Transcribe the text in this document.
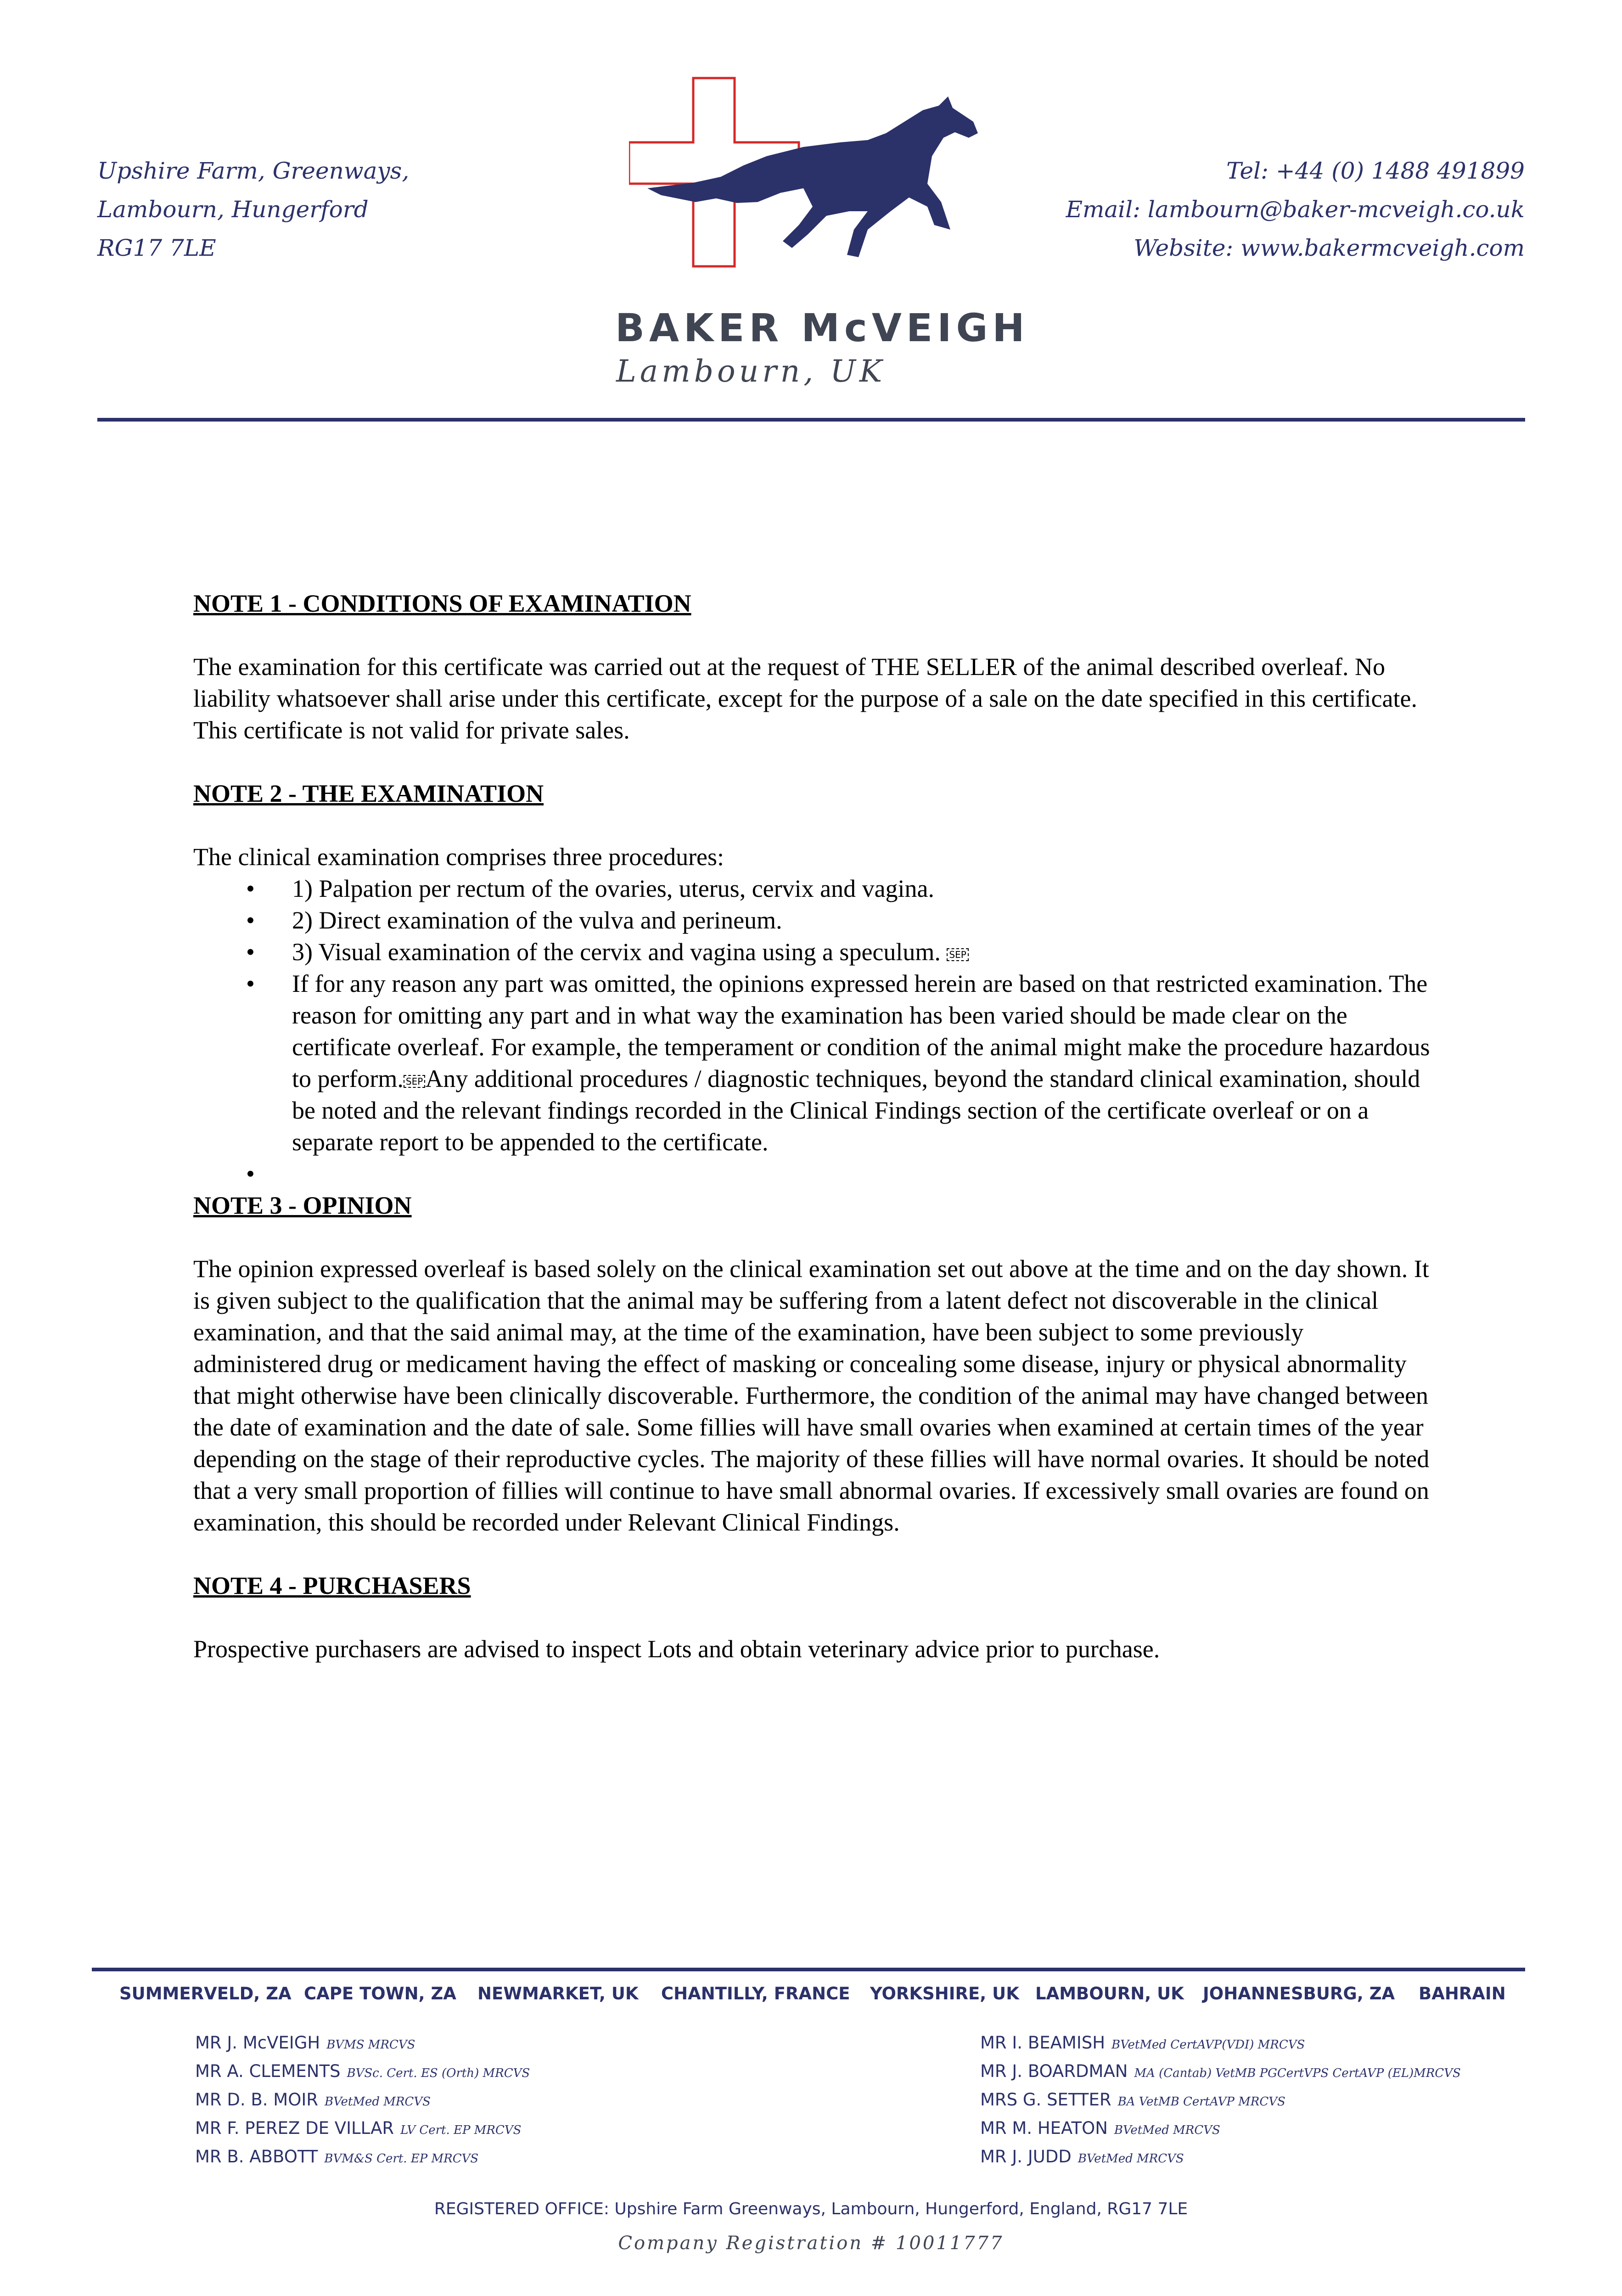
Upshire Farm, Greenways,
Lambourn, Hungerford
RG17 7LE
BAKER McVEIGH
Lambourn, UK
Tel: +44 (0) 1488 491899
Email: lambourn@baker-mcveigh.co.uk
Website: www.bakermcveigh.com
NOTE 1 - CONDITIONS OF EXAMINATION

The examination for this certificate was carried out at the request of THE SELLER of the animal described overleaf. No liability whatsoever shall arise under this certificate, except for the purpose of a sale on the date specified in this certificate. This certificate is not valid for private sales.

NOTE 2 - THE EXAMINATION

The clinical examination comprises three procedures:

• 1) Palpation per rectum of the ovaries, uterus, cervix and vagina.
• 2) Direct examination of the vulva and perineum.
• 3) Visual examination of the cervix and vagina using a speculum. SEP
• If for any reason any part was omitted, the opinions expressed herein are based on that restricted examination. The reason for omitting any part and in what way the examination has been varied should be made clear on the certificate overleaf. For example, the temperament or condition of the animal might make the procedure hazardous to perform. SEPAny additional procedures / diagnostic techniques, beyond the standard clinical examination, should be noted and the relevant findings recorded in the Clinical Findings section of the certificate overleaf or on a separate report to be appended to the certificate.
•
NOTE 3 - OPINION

The opinion expressed overleaf is based solely on the clinical examination set out above at the time and on the day shown. It is given subject to the qualification that the animal may be suffering from a latent defect not discoverable in the clinical examination, and that the said animal may, at the time of the examination, have been subject to some previously administered drug or medicament having the effect of masking or concealing some disease, injury or physical abnormality that might otherwise have been clinically discoverable. Furthermore, the condition of the animal may have changed between the date of examination and the date of sale. Some fillies will have small ovaries when examined at certain times of the year depending on the stage of their reproductive cycles. The majority of these fillies will have normal ovaries. It should be noted that a very small proportion of fillies will continue to have small abnormal ovaries. If excessively small ovaries are found on examination, this should be recorded under Relevant Clinical Findings.

NOTE 4 - PURCHASERS

Prospective purchasers are advised to inspect Lots and obtain veterinary advice prior to purchase.

SUMMERVELD, ZA CAPE TOWN, ZA NEWMARKET, UK CHANTILLY, FRANCE YORKSHIRE, UK LAMBOURN, UK JOHANNESBURG, ZA BAHRAIN
MR J. McVEIGH BVMS MRCVS
MR A. CLEMENTS BVSc. Cert. ES (Orth) MRCVS
MR D. B. MOIR BVetMed MRCVS
MR F. PEREZ DE VILLAR LV Cert. EP MRCVS
MR B. ABBOTT BVM&S Cert. EP MRCVS
MR I. BEAMISH BVetMed CertAVP(VDI) MRCVS
MR J. BOARDMAN MA (Cantab) VetMB PGCertVPS CertAVP (EL)MRCVS
MRS G. SETTER BA VetMB CertAVP MRCVS
MR M. HEATON BVetMed MRCVS
MR J. JUDD BVetMed MRCVS
REGISTERED OFFICE: Upshire Farm Greenways, Lambourn, Hungerford, England, RG17 7LE
Company Registration # 10011777
